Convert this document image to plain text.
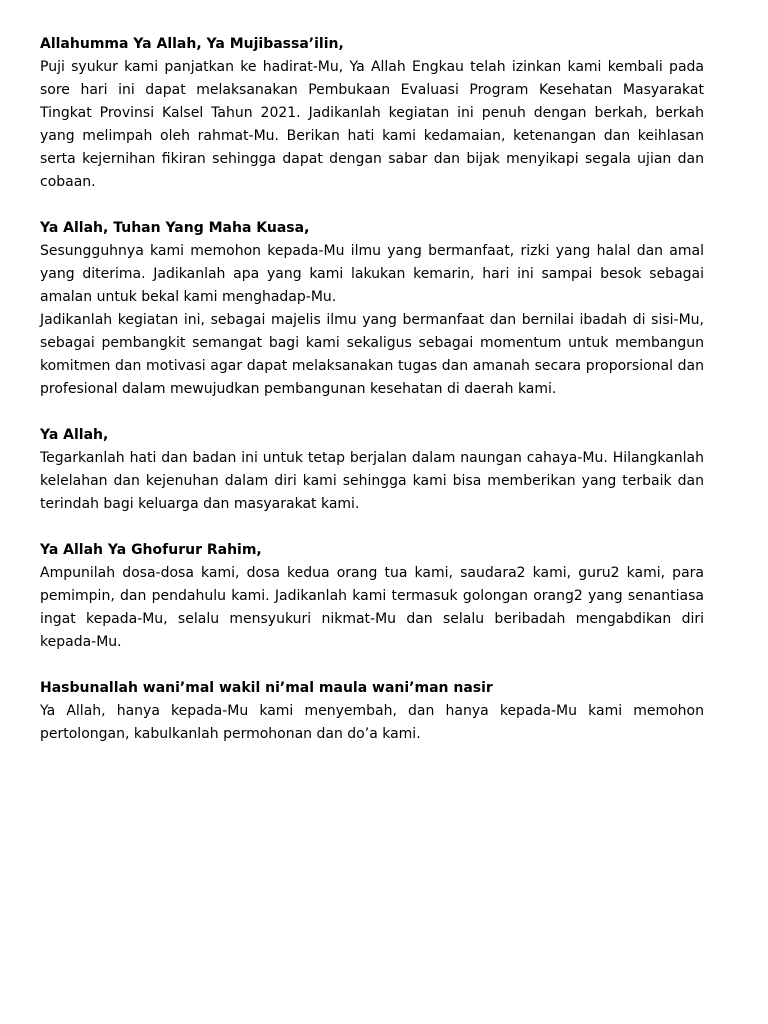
Allahumma Ya Allah, Ya Mujibassa’ilin,

Puji syukur kami panjatkan ke hadirat-Mu, Ya Allah Engkau telah izinkan kami kembali pada sore hari ini dapat melaksanakan Pembukaan Evaluasi Program Kesehatan Masyarakat Tingkat Provinsi Kalsel Tahun 2021. Jadikanlah kegiatan ini penuh dengan berkah, berkah yang melimpah oleh rahmat-Mu. Berikan hati kami kedamaian, ketenangan dan keihlasan serta kejernihan fikiran sehingga dapat dengan sabar dan bijak menyikapi segala ujian dan cobaan.

Ya Allah, Tuhan Yang Maha Kuasa,

Sesungguhnya kami memohon kepada-Mu ilmu yang bermanfaat, rizki yang halal dan amal yang diterima. Jadikanlah apa yang kami lakukan kemarin, hari ini sampai besok sebagai amalan untuk bekal kami menghadap-Mu.

Jadikanlah kegiatan ini, sebagai majelis ilmu yang bermanfaat dan bernilai ibadah di sisi-Mu, sebagai pembangkit semangat bagi kami sekaligus sebagai momentum untuk membangun komitmen dan motivasi agar dapat melaksanakan tugas dan amanah secara proporsional dan profesional dalam mewujudkan pembangunan kesehatan di daerah kami.

Ya Allah,

Tegarkanlah hati dan badan ini untuk tetap berjalan dalam naungan cahaya-Mu. Hilangkanlah kelelahan dan kejenuhan dalam diri kami sehingga kami bisa memberikan yang terbaik dan terindah bagi keluarga dan masyarakat kami.

Ya Allah Ya Ghofurur Rahim,

Ampunilah dosa-dosa kami, dosa kedua orang tua kami, saudara2 kami, guru2 kami, para pemimpin, dan pendahulu kami. Jadikanlah kami termasuk golongan orang2 yang senantiasa ingat kepada-Mu, selalu mensyukuri nikmat-Mu dan selalu beribadah mengabdikan diri kepada-Mu.

Hasbunallah wani’mal wakil ni’mal maula wani’man nasir

Ya Allah, hanya kepada-Mu kami menyembah, dan hanya kepada-Mu kami memohon pertolongan, kabulkanlah permohonan dan do’a kami.
